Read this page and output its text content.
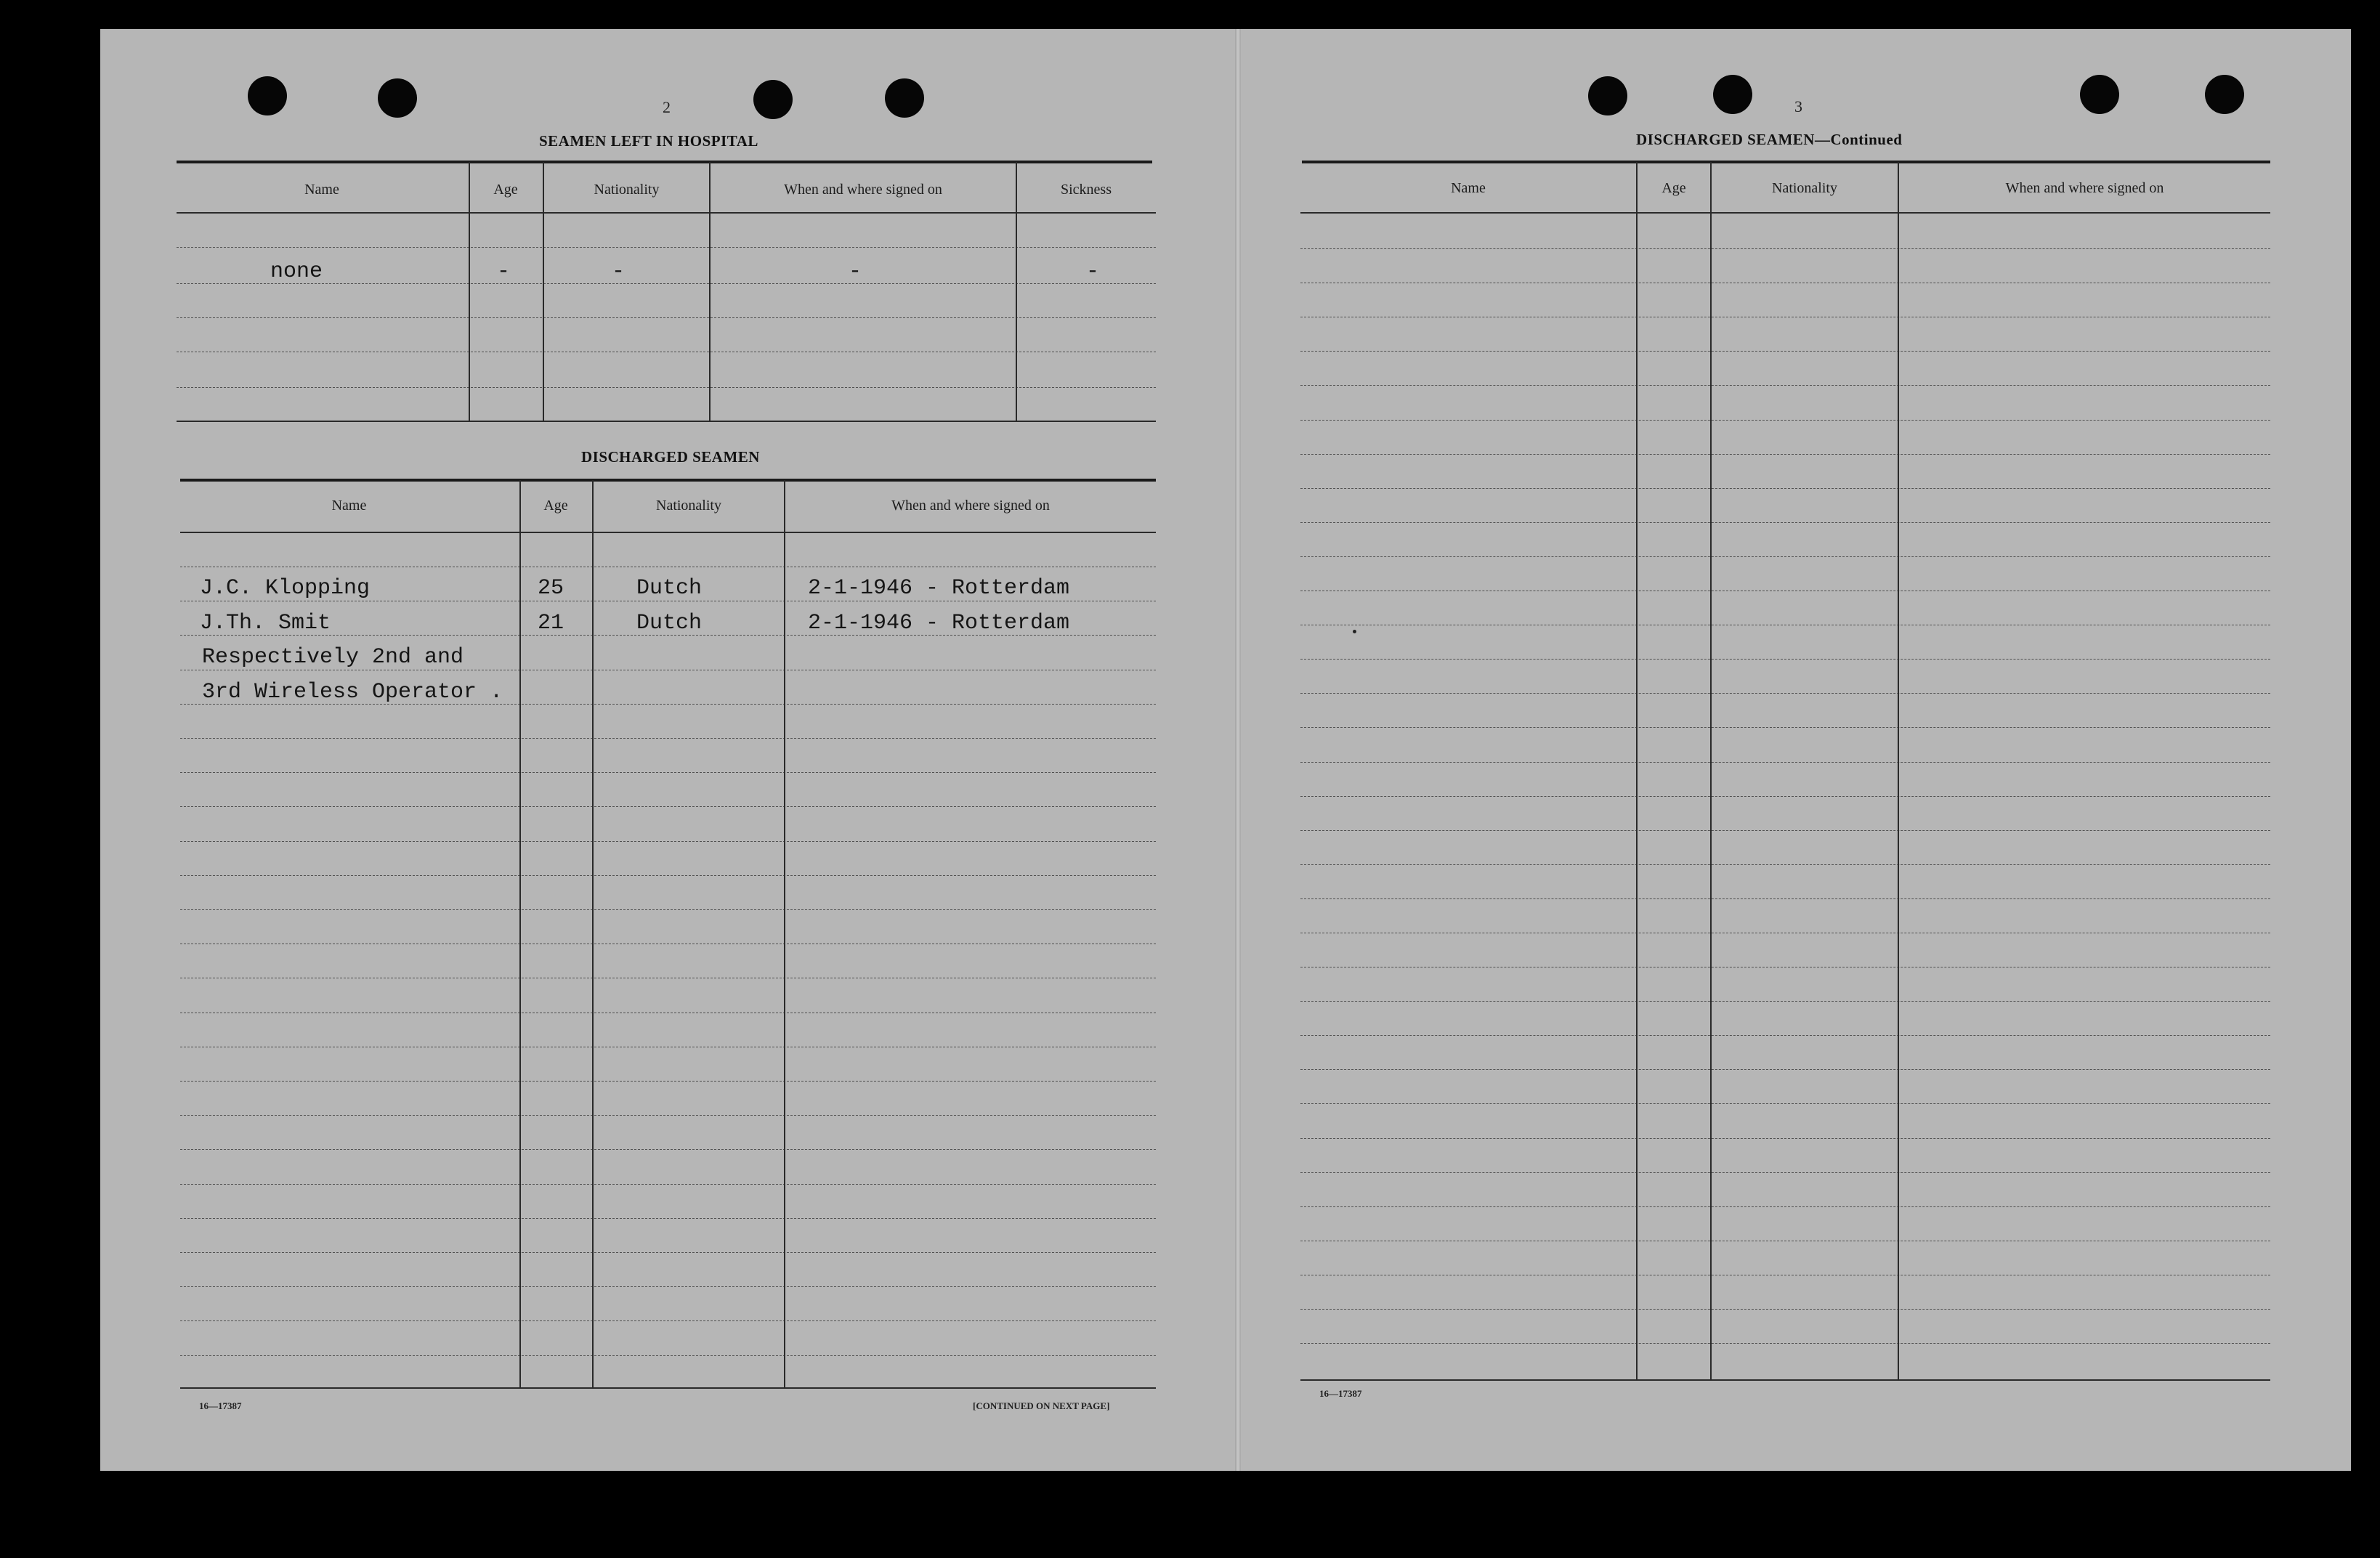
2
SEAMEN LEFT IN HOSPITAL
Name	Age	Nationality	When and where signed on	Sickness
none	-	-	-	-
DISCHARGED SEAMEN
Name	Age	Nationality	When and where signed on
J.C. Klopping	25	Dutch	2-1-1946 - Rotterdam
J.Th. Smit	21	Dutch	2-1-1946 - Rotterdam
Respectively 2nd and
3rd Wireless Operator .
16—17387	[CONTINUED ON NEXT PAGE]
3
DISCHARGED SEAMEN—Continued
Name	Age	Nationality	When and where signed on
16—17387
